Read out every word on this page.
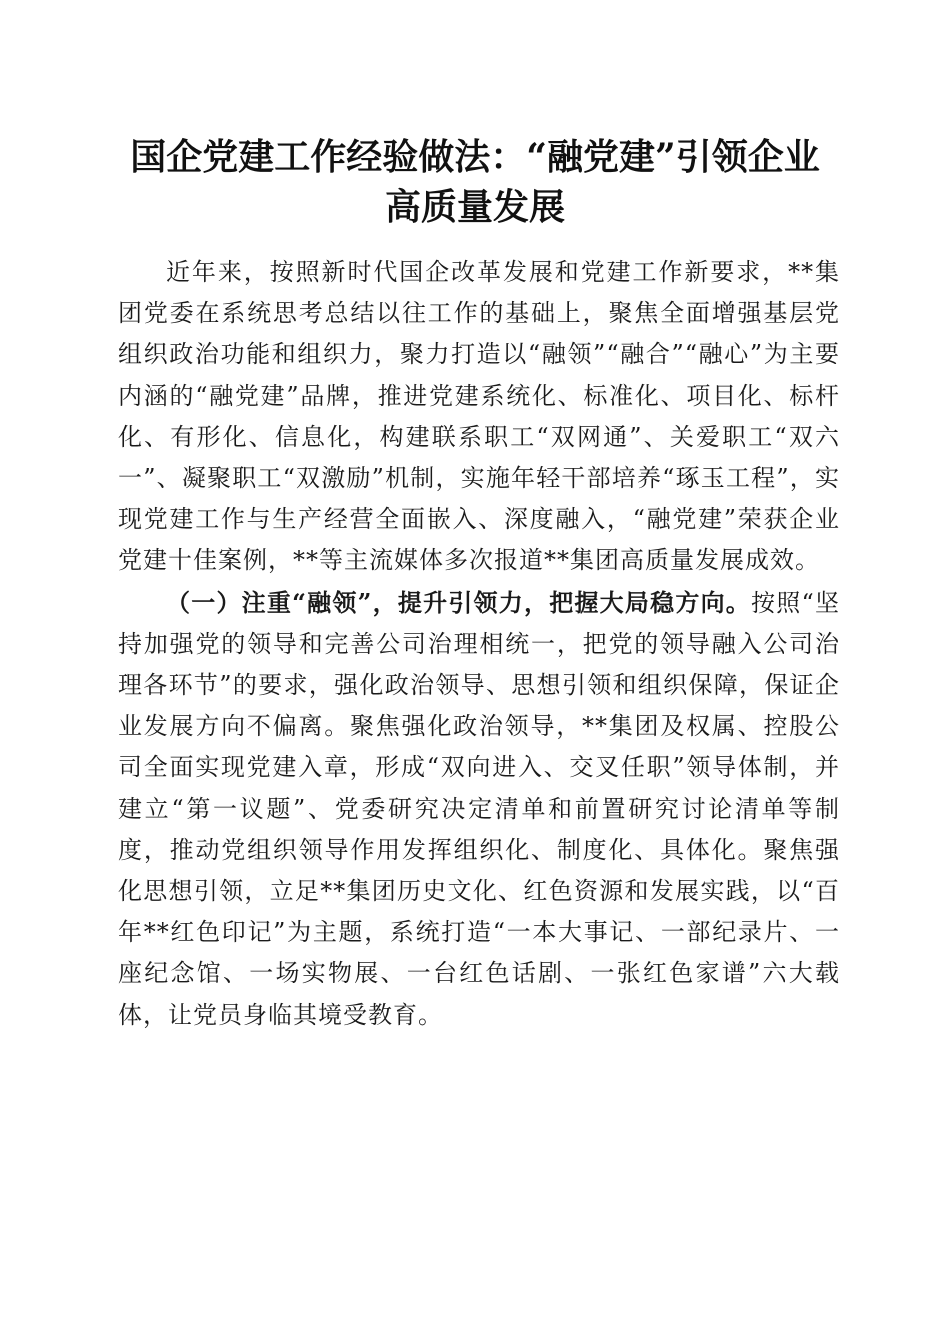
国企党建工作经验做法：“融党建”引领企业
高质量发展

近年来，按照新时代国企改革发展和党建工作新要求，**集团党委在系统思考总结以往工作的基础上，聚焦全面增强基层党组织政治功能和组织力，聚力打造以“融领”“融合”“融心”为主要内涵的“融党建”品牌，推进党建系统化、标准化、项目化、标杆化、有形化、信息化，构建联系职工“双网通”、关爱职工“双六一”、凝聚职工“双激励”机制，实施年轻干部培养“琢玉工程”，实现党建工作与生产经营全面嵌入、深度融入，“融党建”荣获企业党建十佳案例，**等主流媒体多次报道**集团高质量发展成效。

（一）注重“融领”，提升引领力，把握大局稳方向。按照“坚持加强党的领导和完善公司治理相统一，把党的领导融入公司治理各环节”的要求，强化政治领导、思想引领和组织保障，保证企业发展方向不偏离。聚焦强化政治领导，**集团及权属、控股公司全面实现党建入章，形成“双向进入、交叉任职”领导体制，并建立“第一议题”、党委研究决定清单和前置研究讨论清单等制度，推动党组织领导作用发挥组织化、制度化、具体化。聚焦强化思想引领，立足**集团历史文化、红色资源和发展实践，以“百年**红色印记”为主题，系统打造“一本大事记、一部纪录片、一座纪念馆、一场实物展、一台红色话剧、一张红色家谱”六大载体，让党员身临其境受教育。
